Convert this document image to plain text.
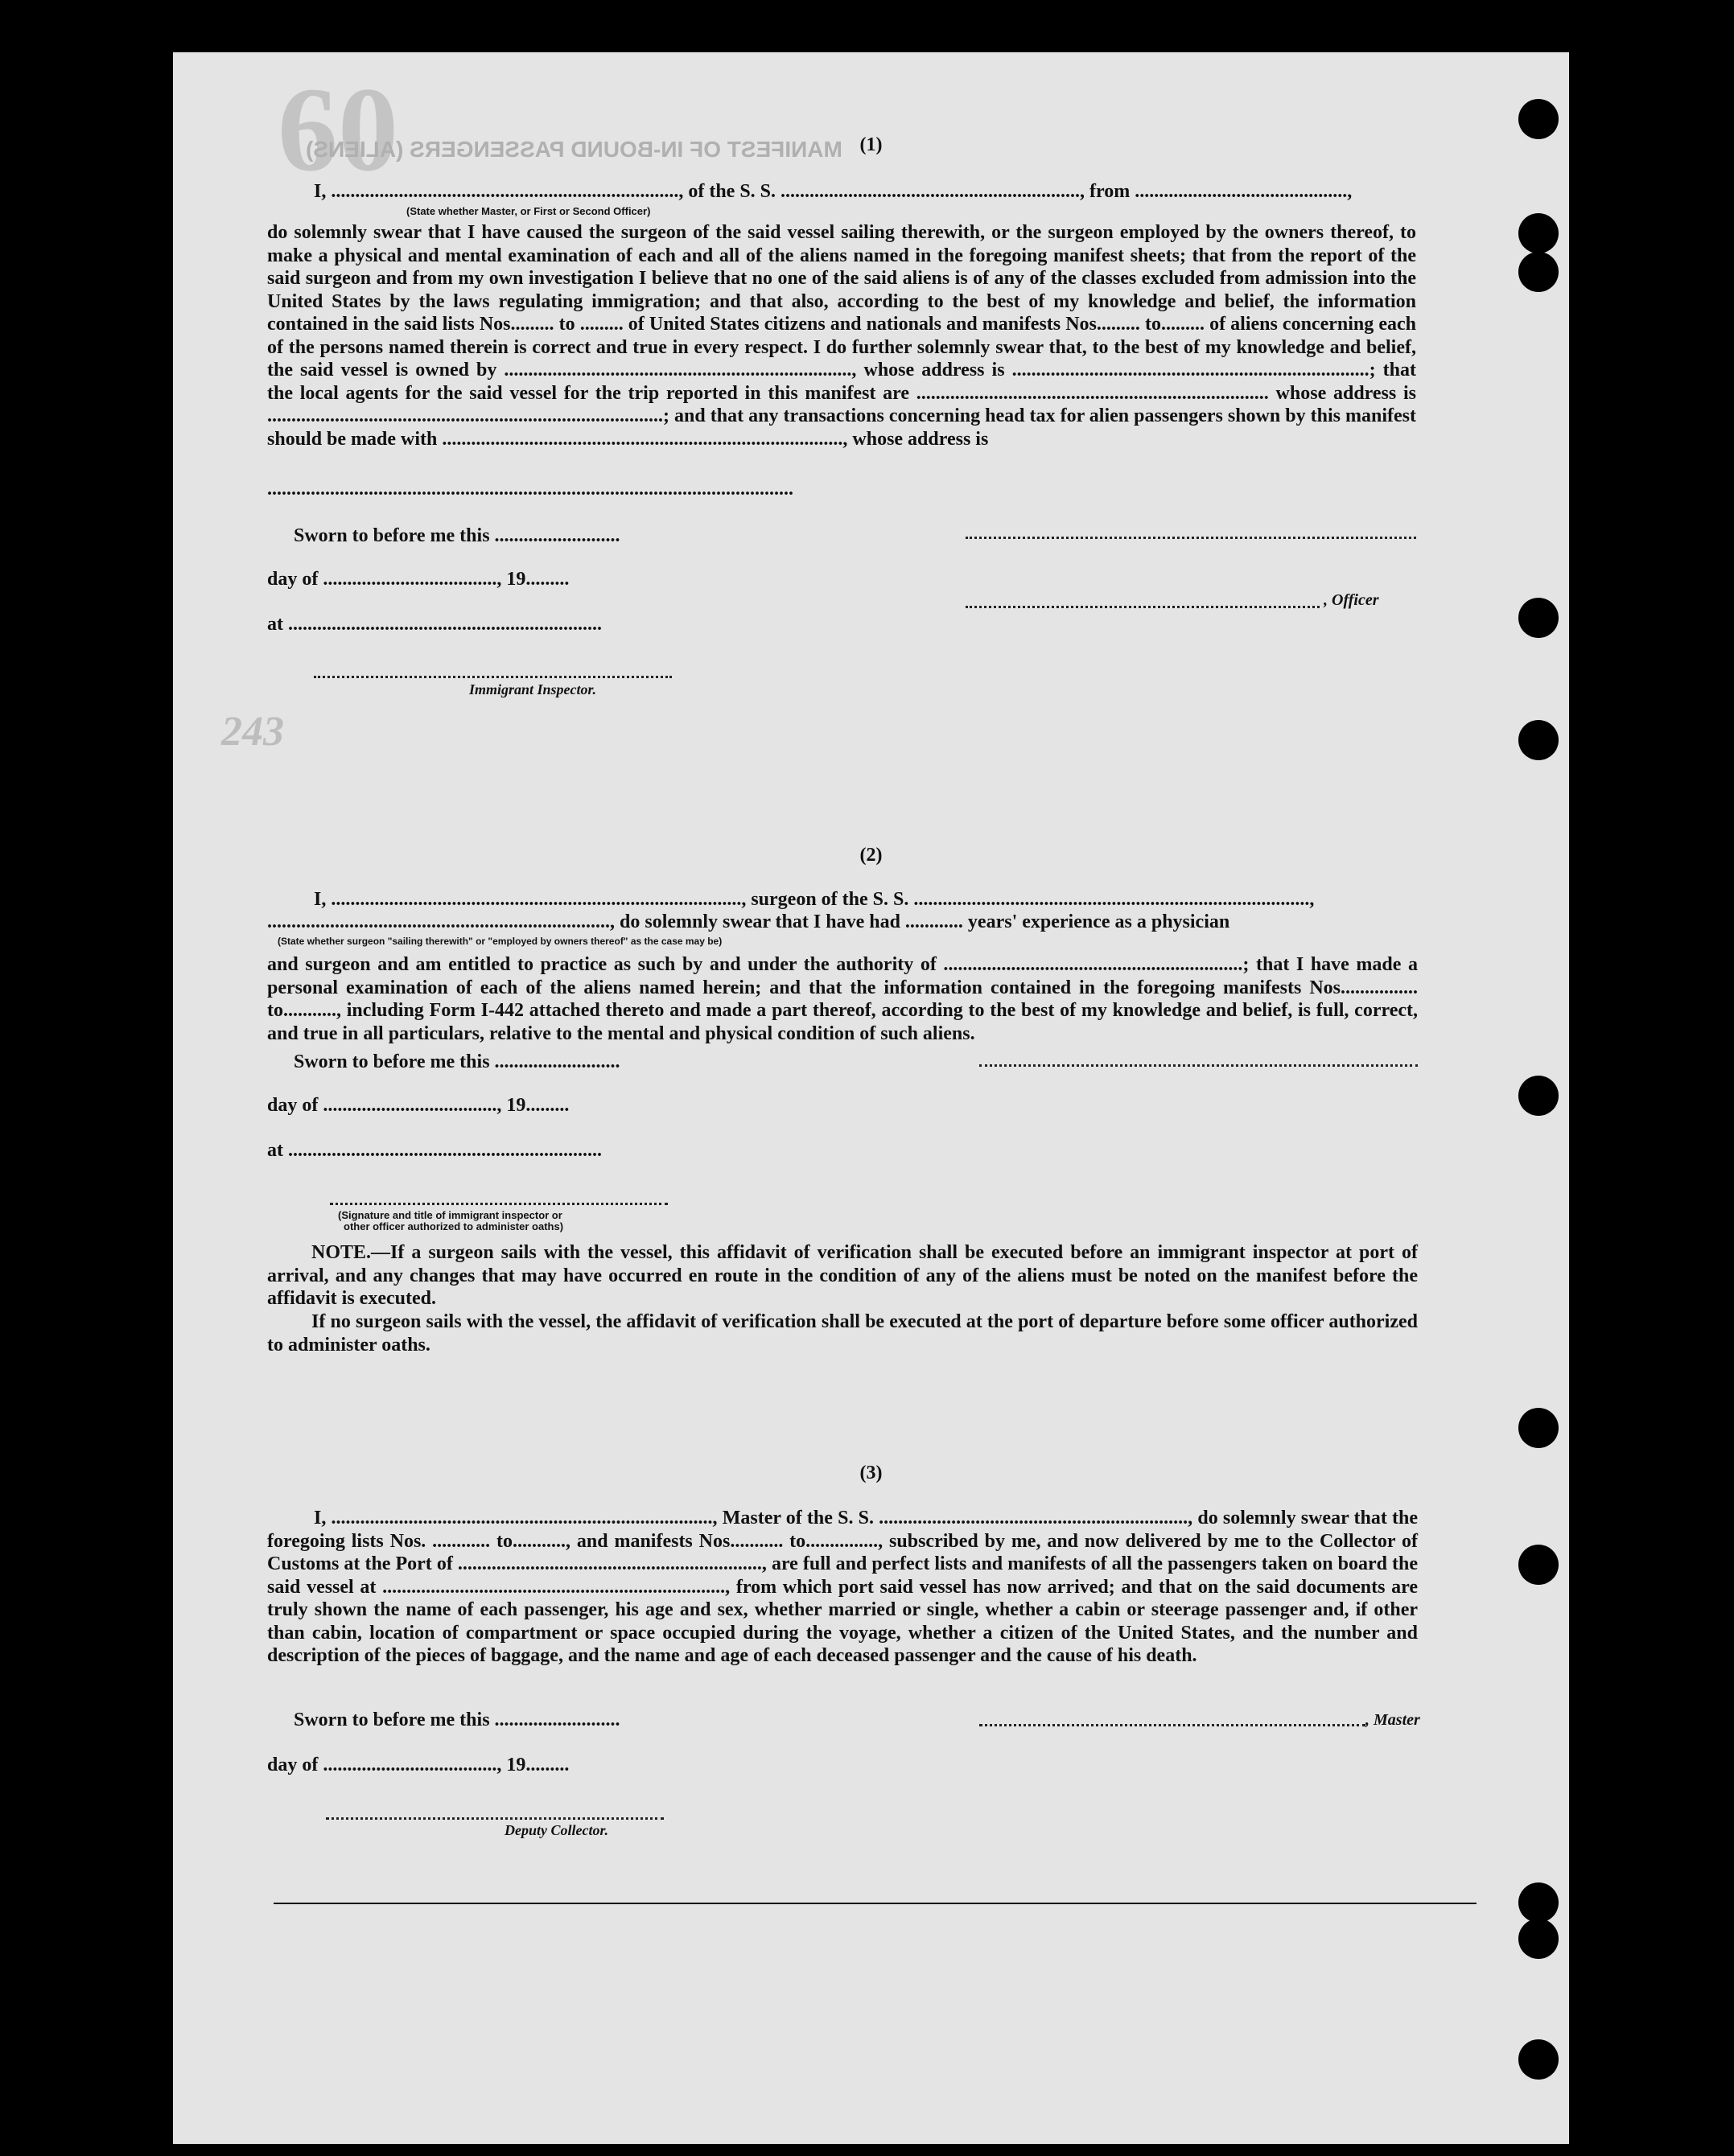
60
MANIFEST OF IN-BOUND PASSENGERS (ALIENS)
243
(1)
I, ........................................................................, of the S. S. .............................................................., from ............................................,
(State whether Master, or First or Second Officer)
do solemnly swear that I have caused the surgeon of the said vessel sailing therewith, or the surgeon employed by the owners thereof, to make a physical and mental examination of each and all of the aliens named in the foregoing manifest sheets; that from the report of the said surgeon and from my own investigation I believe that no one of the said aliens is of any of the classes excluded from admission into the United States by the laws regulating immigration; and that also, according to the best of my knowledge and belief, the information contained in the said lists Nos......... to ......... of United States citizens and nationals and manifests Nos......... to......... of aliens concerning each of the persons named therein is correct and true in every respect. I do further solemnly swear that, to the best of my knowledge and belief, the said vessel is owned by ........................................................................, whose address is ..........................................................................; that the local agents for the said vessel for the trip reported in this manifest are ......................................................................... whose address is ..................................................................................; and that any transactions concerning head tax for alien passengers shown by this manifest should be made with ..................................................................................., whose address is
.............................................................................................................
Sworn to before me this ..........................
day of ...................................., 19.........
, Officer
at .................................................................
Immigrant Inspector.
(2)
I, ....................................................................................., surgeon of the S. S. ..................................................................................,
......................................................................., do solemnly swear that I have had ............ years' experience as a physician
(State whether surgeon "sailing therewith" or "employed by owners thereof" as the case may be)
and surgeon and am entitled to practice as such by and under the authority of ..............................................................; that I have made a personal examination of each of the aliens named herein; and that the information contained in the foregoing manifests Nos................ to..........., including Form I-442 attached thereto and made a part thereof, according to the best of my knowledge and belief, is full, correct, and true in all particulars, relative to the mental and physical condition of such aliens.
Sworn to before me this ..........................
day of ...................................., 19.........
at .................................................................
(Signature and title of immigrant inspector or
other officer authorized to administer oaths)
NOTE.—If a surgeon sails with the vessel, this affidavit of verification shall be executed before an immigrant inspector at port of arrival, and any changes that may have occurred en route in the condition of any of the aliens must be noted on the manifest before the affidavit is executed.
If no surgeon sails with the vessel, the affidavit of verification shall be executed at the port of departure before some officer authorized to administer oaths.
(3)
I, ..............................................................................., Master of the S. S. ................................................................, do solemnly swear that the foregoing lists Nos. ............ to..........., and manifests Nos........... to..............., subscribed by me, and now delivered by me to the Collector of Customs at the Port of ..............................................................., are full and perfect lists and manifests of all the passengers taken on board the said vessel at ......................................................................., from which port said vessel has now arrived; and that on the said documents are truly shown the name of each passenger, his age and sex, whether married or single, whether a cabin or steerage passenger and, if other than cabin, location of compartment or space occupied during the voyage, whether a citizen of the United States, and the number and description of the pieces of baggage, and the name and age of each deceased passenger and the cause of his death.
Sworn to before me this ..........................	, Master
day of ...................................., 19.........
Deputy Collector.
